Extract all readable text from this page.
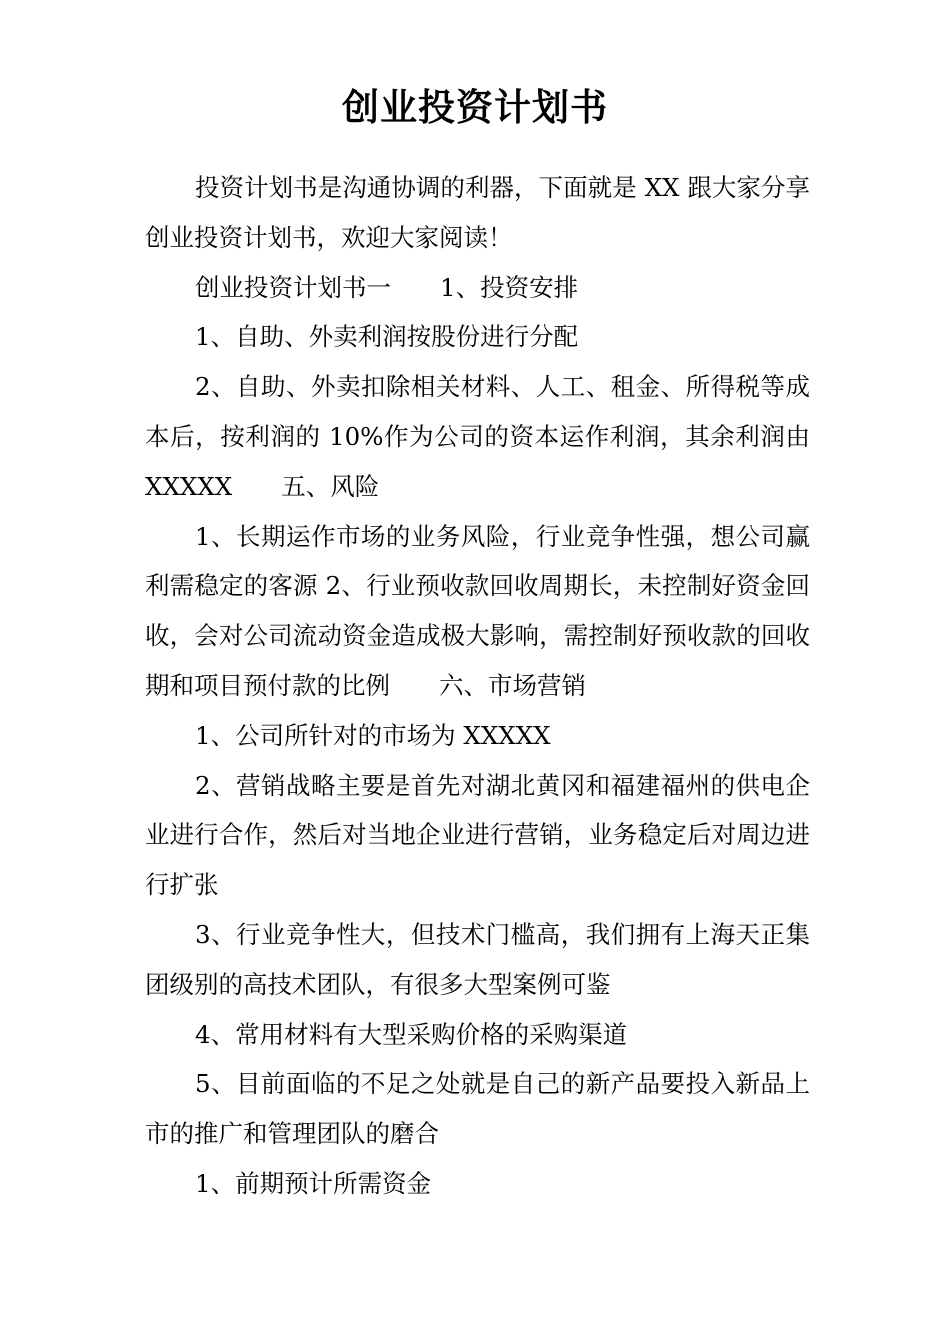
创业投资计划书

投资计划书是沟通协调的利器，下面就是 XX 跟大家分享创业投资计划书，欢迎大家阅读！

创业投资计划书一　　1、投资安排

1、自助、外卖利润按股份进行分配

2、自助、外卖扣除相关材料、人工、租金、所得税等成本后，按利润的 10%作为公司的资本运作利润，其余利润由 XXXXX　　五、风险

1、长期运作市场的业务风险，行业竞争性强，想公司赢利需稳定的客源 2、行业预收款回收周期长，未控制好资金回收，会对公司流动资金造成极大影响，需控制好预收款的回收期和项目预付款的比例　　六、市场营销

1、公司所针对的市场为 XXXXX

2、营销战略主要是首先对湖北黄冈和福建福州的供电企业进行合作，然后对当地企业进行营销，业务稳定后对周边进行扩张

3、行业竞争性大，但技术门槛高，我们拥有上海天正集团级别的高技术团队，有很多大型案例可鉴

4、常用材料有大型采购价格的采购渠道

5、目前面临的不足之处就是自己的新产品要投入新品上市的推广和管理团队的磨合

1、前期预计所需资金
